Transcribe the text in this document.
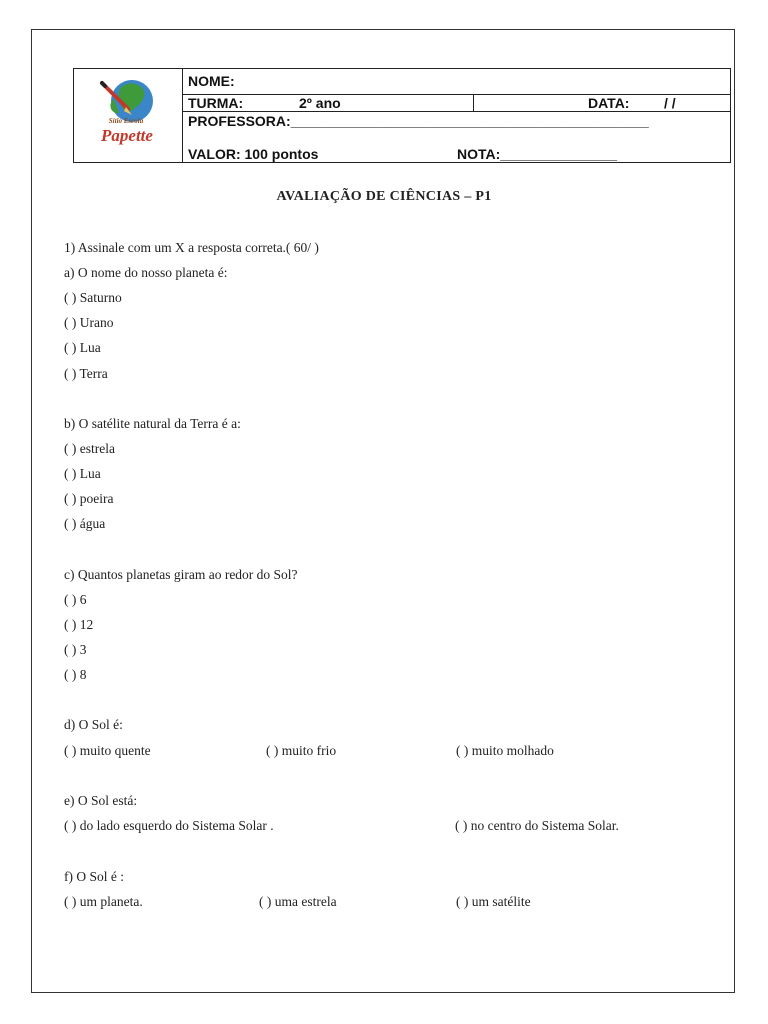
Sítio Escola
Papette
NOME:
TURMA:	2º ano	DATA: / /
PROFESSORA:______________________________________________
VALOR: 100 pontos	NOTA:_______________
AVALIAÇÃO DE CIÊNCIAS – P1
1) Assinale com um X a resposta correta.( 60/ )
a) O nome do nosso planeta é:
( ) Saturno
( ) Urano
( ) Lua
( ) Terra
b) O satélite natural da Terra é a:
( ) estrela
( ) Lua
( ) poeira
( ) água
c) Quantos planetas giram ao redor do Sol?
( ) 6
( ) 12
( ) 3
( ) 8
d) O Sol é:
( ) muito quente	( ) muito frio	( ) muito molhado
e) O Sol está:
( ) do lado esquerdo do Sistema Solar .	( ) no centro do Sistema Solar.
f) O Sol é :
( ) um planeta.	( ) uma estrela	( ) um satélite
